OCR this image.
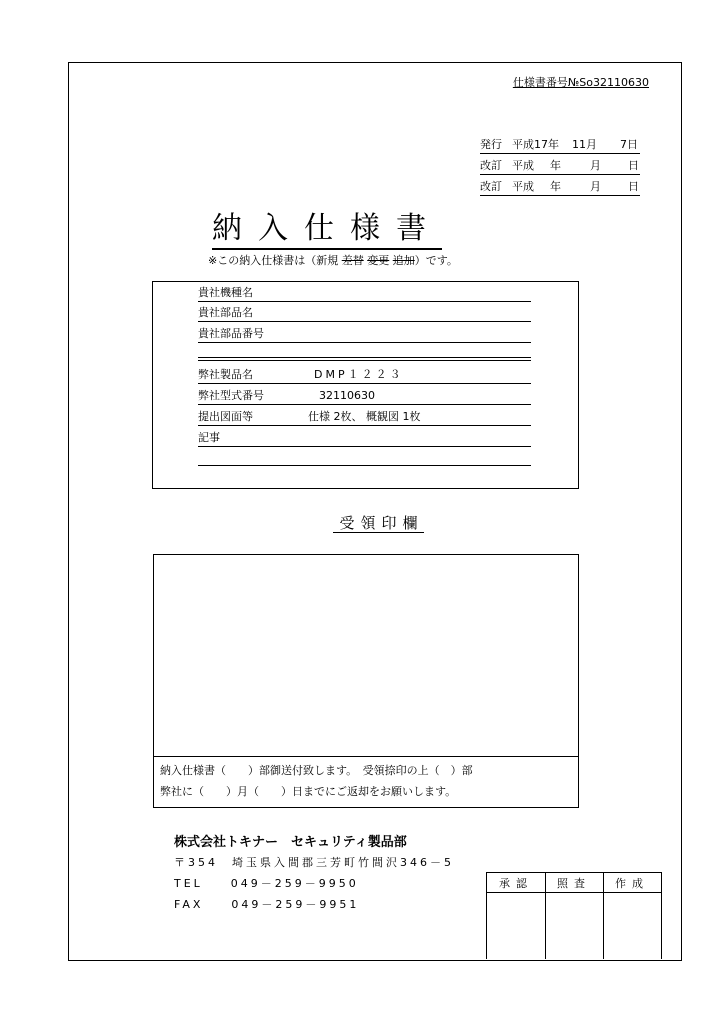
仕様書番号№So32110630
発行 平成17年 11月 7日
改訂 平成 年	月 日
改訂 平成 年	月 日
納入仕様書
※この納入仕様書は（新規 差替 変更 追加）です。
貴社機種名
貴社部品名
貴社部品番号
弊社製品名	DMP１２２３
弊社型式番号	32110630
提出図面等	仕様 2枚、 概観図 1枚
記事
受領印欄
納入仕様書（　　）部御送付致します。　受領捺印の上（　）部
弊社に（　　）月（　　）日までにご返却をお願いします。
株式会社トキナー　セキュリティ製品部
〒354　埼玉県入間郡三芳町竹間沢346－5
TEL　　049－259－9950
FAX　　049－259－9951
承認	照査	作成
